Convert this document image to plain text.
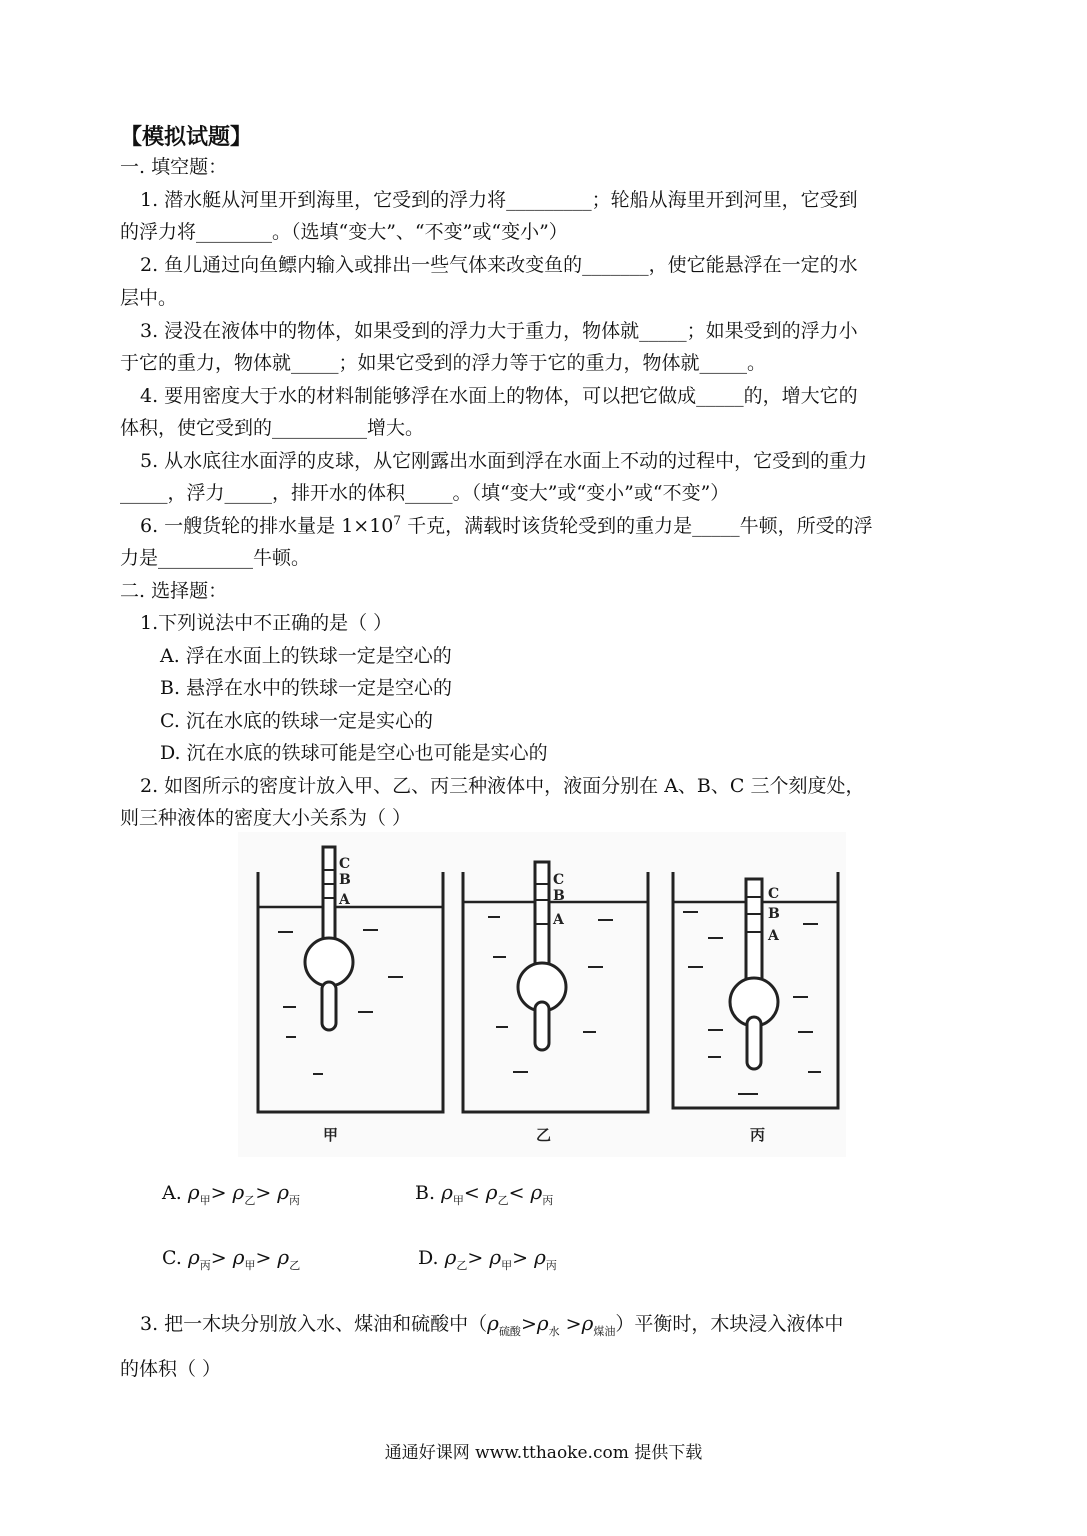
【模拟试题】
一. 填空题：
1. 潜水艇从河里开到海里，它受到的浮力将_________；轮船从海里开到河里，它受到
的浮力将________。（选填“变大”、“不变”或“变小”）
2. 鱼儿通过向鱼鳔内输入或排出一些气体来改变鱼的_______，使它能悬浮在一定的水
层中。
3. 浸没在液体中的物体，如果受到的浮力大于重力，物体就_____；如果受到的浮力小
于它的重力，物体就_____；如果它受到的浮力等于它的重力，物体就_____。
4. 要用密度大于水的材料制能够浮在水面上的物体，可以把它做成_____的，增大它的
体积，使它受到的__________增大。
5. 从水底往水面浮的皮球，从它刚露出水面到浮在水面上不动的过程中，它受到的重力
_____，浮力_____，排开水的体积_____。（填“变大”或“变小”或“不变”）
6. 一艘货轮的排水量是 $1\times 10^7$ 千克，满载时该货轮受到的重力是_____牛顿，所受的浮
力是__________牛顿。
二. 选择题：
1.下列说法中不正确的是（ ）
A. 浮在水面上的铁球一定是空心的
B. 悬浮在水中的铁球一定是空心的
C. 沉在水底的铁球一定是实心的
D. 沉在水底的铁球可能是空心也可能是实心的
2. 如图所示的密度计放入甲、乙、丙三种液体中，液面分别在 A、B、C 三个刻度处，
则三种液体的密度大小关系为（ ）
C
B
A
C
B
A
C
B
A
甲	乙	丙
A. $\rho_甲> \rho_乙> \rho_丙$	B. $\rho_甲< \rho_乙< \rho_丙$
C. $\rho_丙> \rho_甲> \rho_乙$	D. $\rho_乙> \rho_甲> \rho_丙$
3. 把一木块分别放入水、煤油和硫酸中$(\rho_{硫酸}>\rho_水 >\rho_{煤油})$平衡时，木块浸入液体中
的体积（ ）
通通好课网 www.tthaoke.com 提供下载
